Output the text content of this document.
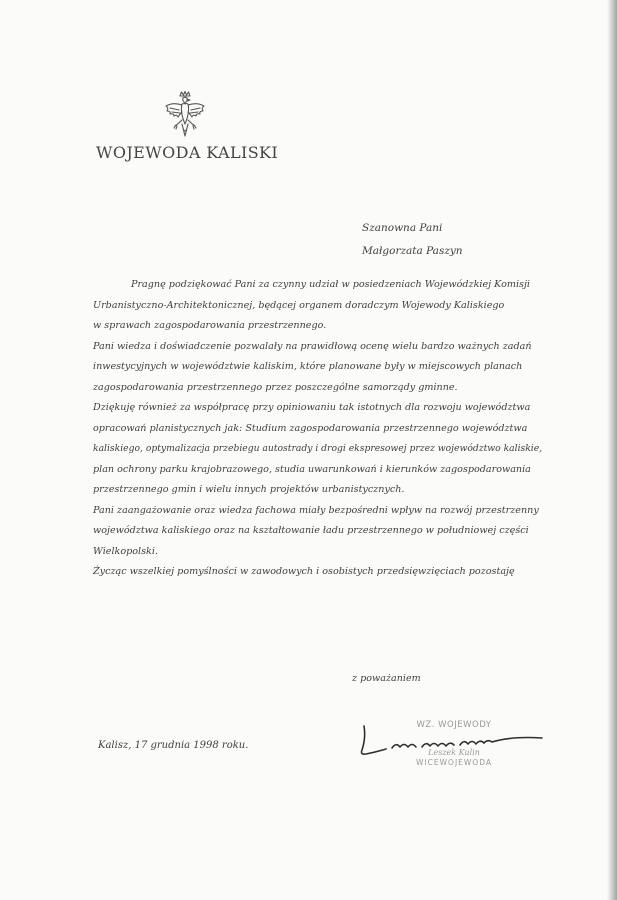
WOJEWODA KALISKI
Szanowna Pani
Małgorzata Paszyn
Pragnę podziękować Pani za czynny udział w posiedzeniach Wojewódzkiej Komisji
Urbanistyczno-Architektonicznej, będącej organem doradczym Wojewody Kaliskiego
w sprawach zagospodarowania przestrzennego.
Pani wiedza i doświadczenie pozwalały na prawidłową ocenę wielu bardzo ważnych zadań
inwestycyjnych w województwie kaliskim, które planowane były w miejscowych planach
zagospodarowania przestrzennego przez poszczególne samorządy gminne.
Dziękuję również za współpracę przy opiniowaniu tak istotnych dla rozwoju województwa
opracowań planistycznych jak: Studium zagospodarowania przestrzennego województwa
kaliskiego, optymalizacja przebiegu autostrady i drogi ekspresowej przez województwo kaliskie,
plan ochrony parku krajobrazowego, studia uwarunkowań i kierunków zagospodarowania
przestrzennego gmin i wielu innych projektów urbanistycznych.
Pani zaangażowanie oraz wiedza fachowa miały bezpośredni wpływ na rozwój przestrzenny
województwa kaliskiego oraz na kształtowanie ładu przestrzennego w południowej części
Wielkopolski.
Życząc wszelkiej pomyślności w zawodowych i osobistych przedsięwzięciach pozostaję
z poważaniem
Kalisz, 17 grudnia 1998 roku.
WZ. WOJEWODY
Leszek Kulin
WICEWOJEWODA
